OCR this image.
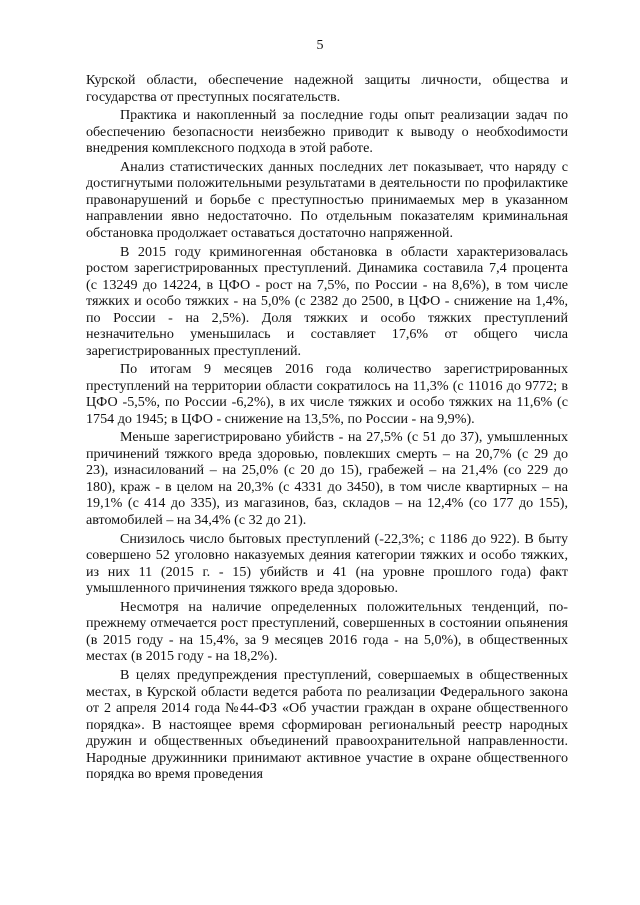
5

Курской области, обеспечение надежной защиты личности, общества и государства от преступных посягательств.

Практика и накопленный за последние годы опыт реализации задач по обеспечению безопасности неизбежно приводит к выводу о необхоdимости внедрения комплексного подхода в этой работе.

Анализ статистических данных последних лет показывает, что наряду с достигнутыми положительными результатами в деятельности по профилактике правонарушений и борьбе с преступностью принимаемых мер в указанном направлении явно недостаточно. По отдельным показателям криминальная обстановка продолжает оставаться достаточно напряженной.

В 2015 году криминогенная обстановка в области характеризовалась ростом зарегистрированных преступлений. Динамика составила 7,4 процента (с 13249 до 14224, в ЦФО - рост на 7,5%, по России - на 8,6%), в том числе тяжких и особо тяжких - на 5,0% (с 2382 до 2500, в ЦФО - снижение на 1,4%, по России - на 2,5%). Доля тяжких и особо тяжких преступлений незначительно уменьшилась и составляет 17,6% от общего числа зарегистрированных преступлений.

По итогам 9 месяцев 2016 года количество зарегистрированных преступлений на территории области сократилось на 11,3% (с 11016 до 9772; в ЦФО -5,5%, по России -6,2%), в их числе тяжких и особо тяжких на 11,6% (с 1754 до 1945; в ЦФО - снижение на 13,5%, по России - на 9,9%).

Меньше зарегистрировано убийств - на 27,5% (с 51 до 37), умышленных причинений тяжкого вреда здоровью, повлекших смерть – на 20,7% (с 29 до 23), изнасилований – на 25,0% (с 20 до 15), грабежей – на 21,4% (со 229 до 180), краж - в целом на 20,3% (с 4331 до 3450), в том числе квартирных – на 19,1% (с 414 до 335), из магазинов, баз, складов – на 12,4% (со 177 до 155), автомобилей – на 34,4% (с 32 до 21).

Снизилось число бытовых преступлений (-22,3%; с 1186 до 922). В быту совершено 52 уголовно наказуемых деяния категории тяжких и особо тяжких, из них 11 (2015 г. - 15) убийств и 41 (на уровне прошлого года) факт умышленного причинения тяжкого вреда здоровью.

Несмотря на наличие определенных положительных тенденций, по-прежнему отмечается рост преступлений, совершенных в состоянии опьянения (в 2015 году - на 15,4%, за 9 месяцев 2016 года - на 5,0%), в общественных местах (в 2015 году - на 18,2%).

В целях предупреждения преступлений, совершаемых в общественных местах, в Курской области ведется работа по реализации Федерального закона от 2 апреля 2014 года №44-ФЗ «Об участии граждан в охране общественного порядка». В настоящее время сформирован региональный реестр народных дружин и общественных объединений правоохранительной направленности. Народные дружинники принимают активное участие в охране общественного порядка во время проведения
